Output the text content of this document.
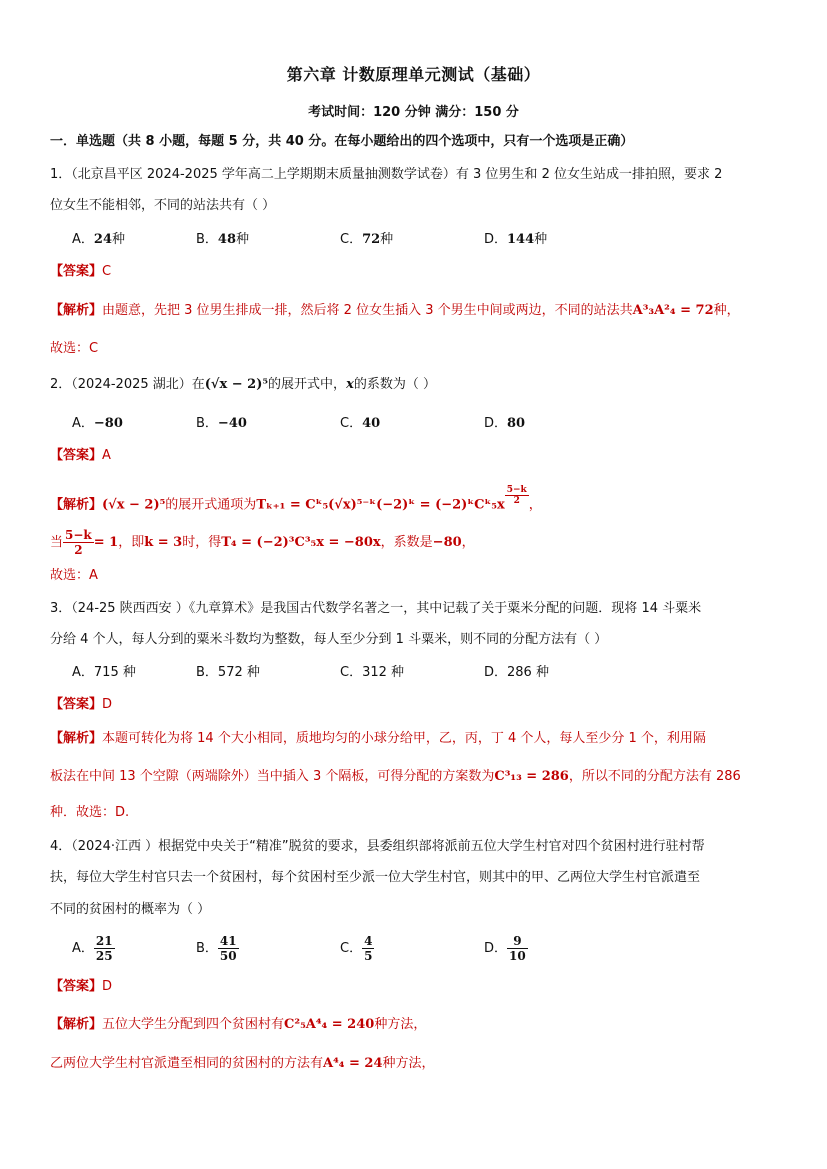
第六章 计数原理单元测试（基础）
考试时间：120 分钟 满分：150 分
一．单选题（共 8 小题，每题 5 分，共 40 分。在每小题给出的四个选项中，只有一个选项是正确）
1．（北京昌平区 2024-2025 学年高二上学期期末质量抽测数学试卷）有 3 位男生和 2 位女生站成一排拍照，要求 2
位女生不能相邻，不同的站法共有（ ）
A．24种	B．48种	C．72种	D．144种
【答案】C
【解析】由题意，先把 3 位男生排成一排，然后将 2 位女生插入 3 个男生中间或两边，不同的站法共A³₃A²₄ = 72种，
故选：C
2．（2024-2025 湖北）在(√x − 2)⁵的展开式中，x的系数为（ ）
A．−80	B．−40	C．40	D．80
【答案】A
【解析】(√x − 2)⁵的展开式通项为Tₖ₊₁ = Cᵏ₅(√x)⁵⁻ᵏ(−2)ᵏ = (−2)ᵏCᵏ₅x $\frac{5-k}{2}$ ，
当 $\frac{5-k}{2} = 1$，即k = 3时，得T₄ = (−2)³C³₅x = −80x，系数是−80，
故选：A
3．（24-25 陕西西安 ）《九章算术》是我国古代数学名著之一，其中记载了关于粟米分配的问题．现将 14 斗粟米
分给 4 个人，每人分到的粟米斗数均为整数，每人至少分到 1 斗粟米，则不同的分配方法有（ ）
A．715 种	B．572 种	C．312 种	D．286 种
【答案】D
【解析】本题可转化为将 14 个大小相同，质地均匀的小球分给甲，乙，丙，丁 4 个人，每人至少分 1 个，利用隔
板法在中间 13 个空隙（两端除外）当中插入 3 个隔板，可得分配的方案数为C³₁₃ = 286，所以不同的分配方法有 286
种．故选：D.
4．（2024·江西 ）根据党中央关于“精准”脱贫的要求，县委组织部将派前五位大学生村官对四个贫困村进行驻村帮
扶，每位大学生村官只去一个贫困村，每个贫困村至少派一位大学生村官，则其中的甲、乙两位大学生村官派遣至
不同的贫困村的概率为（ ）
A． $\frac{21}{25}$	B． $\frac{41}{50}$	C． $\frac{4}{5}$	D． $\frac{9}{10}$
【答案】D
【解析】五位大学生分配到四个贫困村有C²₅A⁴₄ = 240种方法，
乙两位大学生村官派遣至相同的贫困村的方法有A⁴₄ = 24种方法，
